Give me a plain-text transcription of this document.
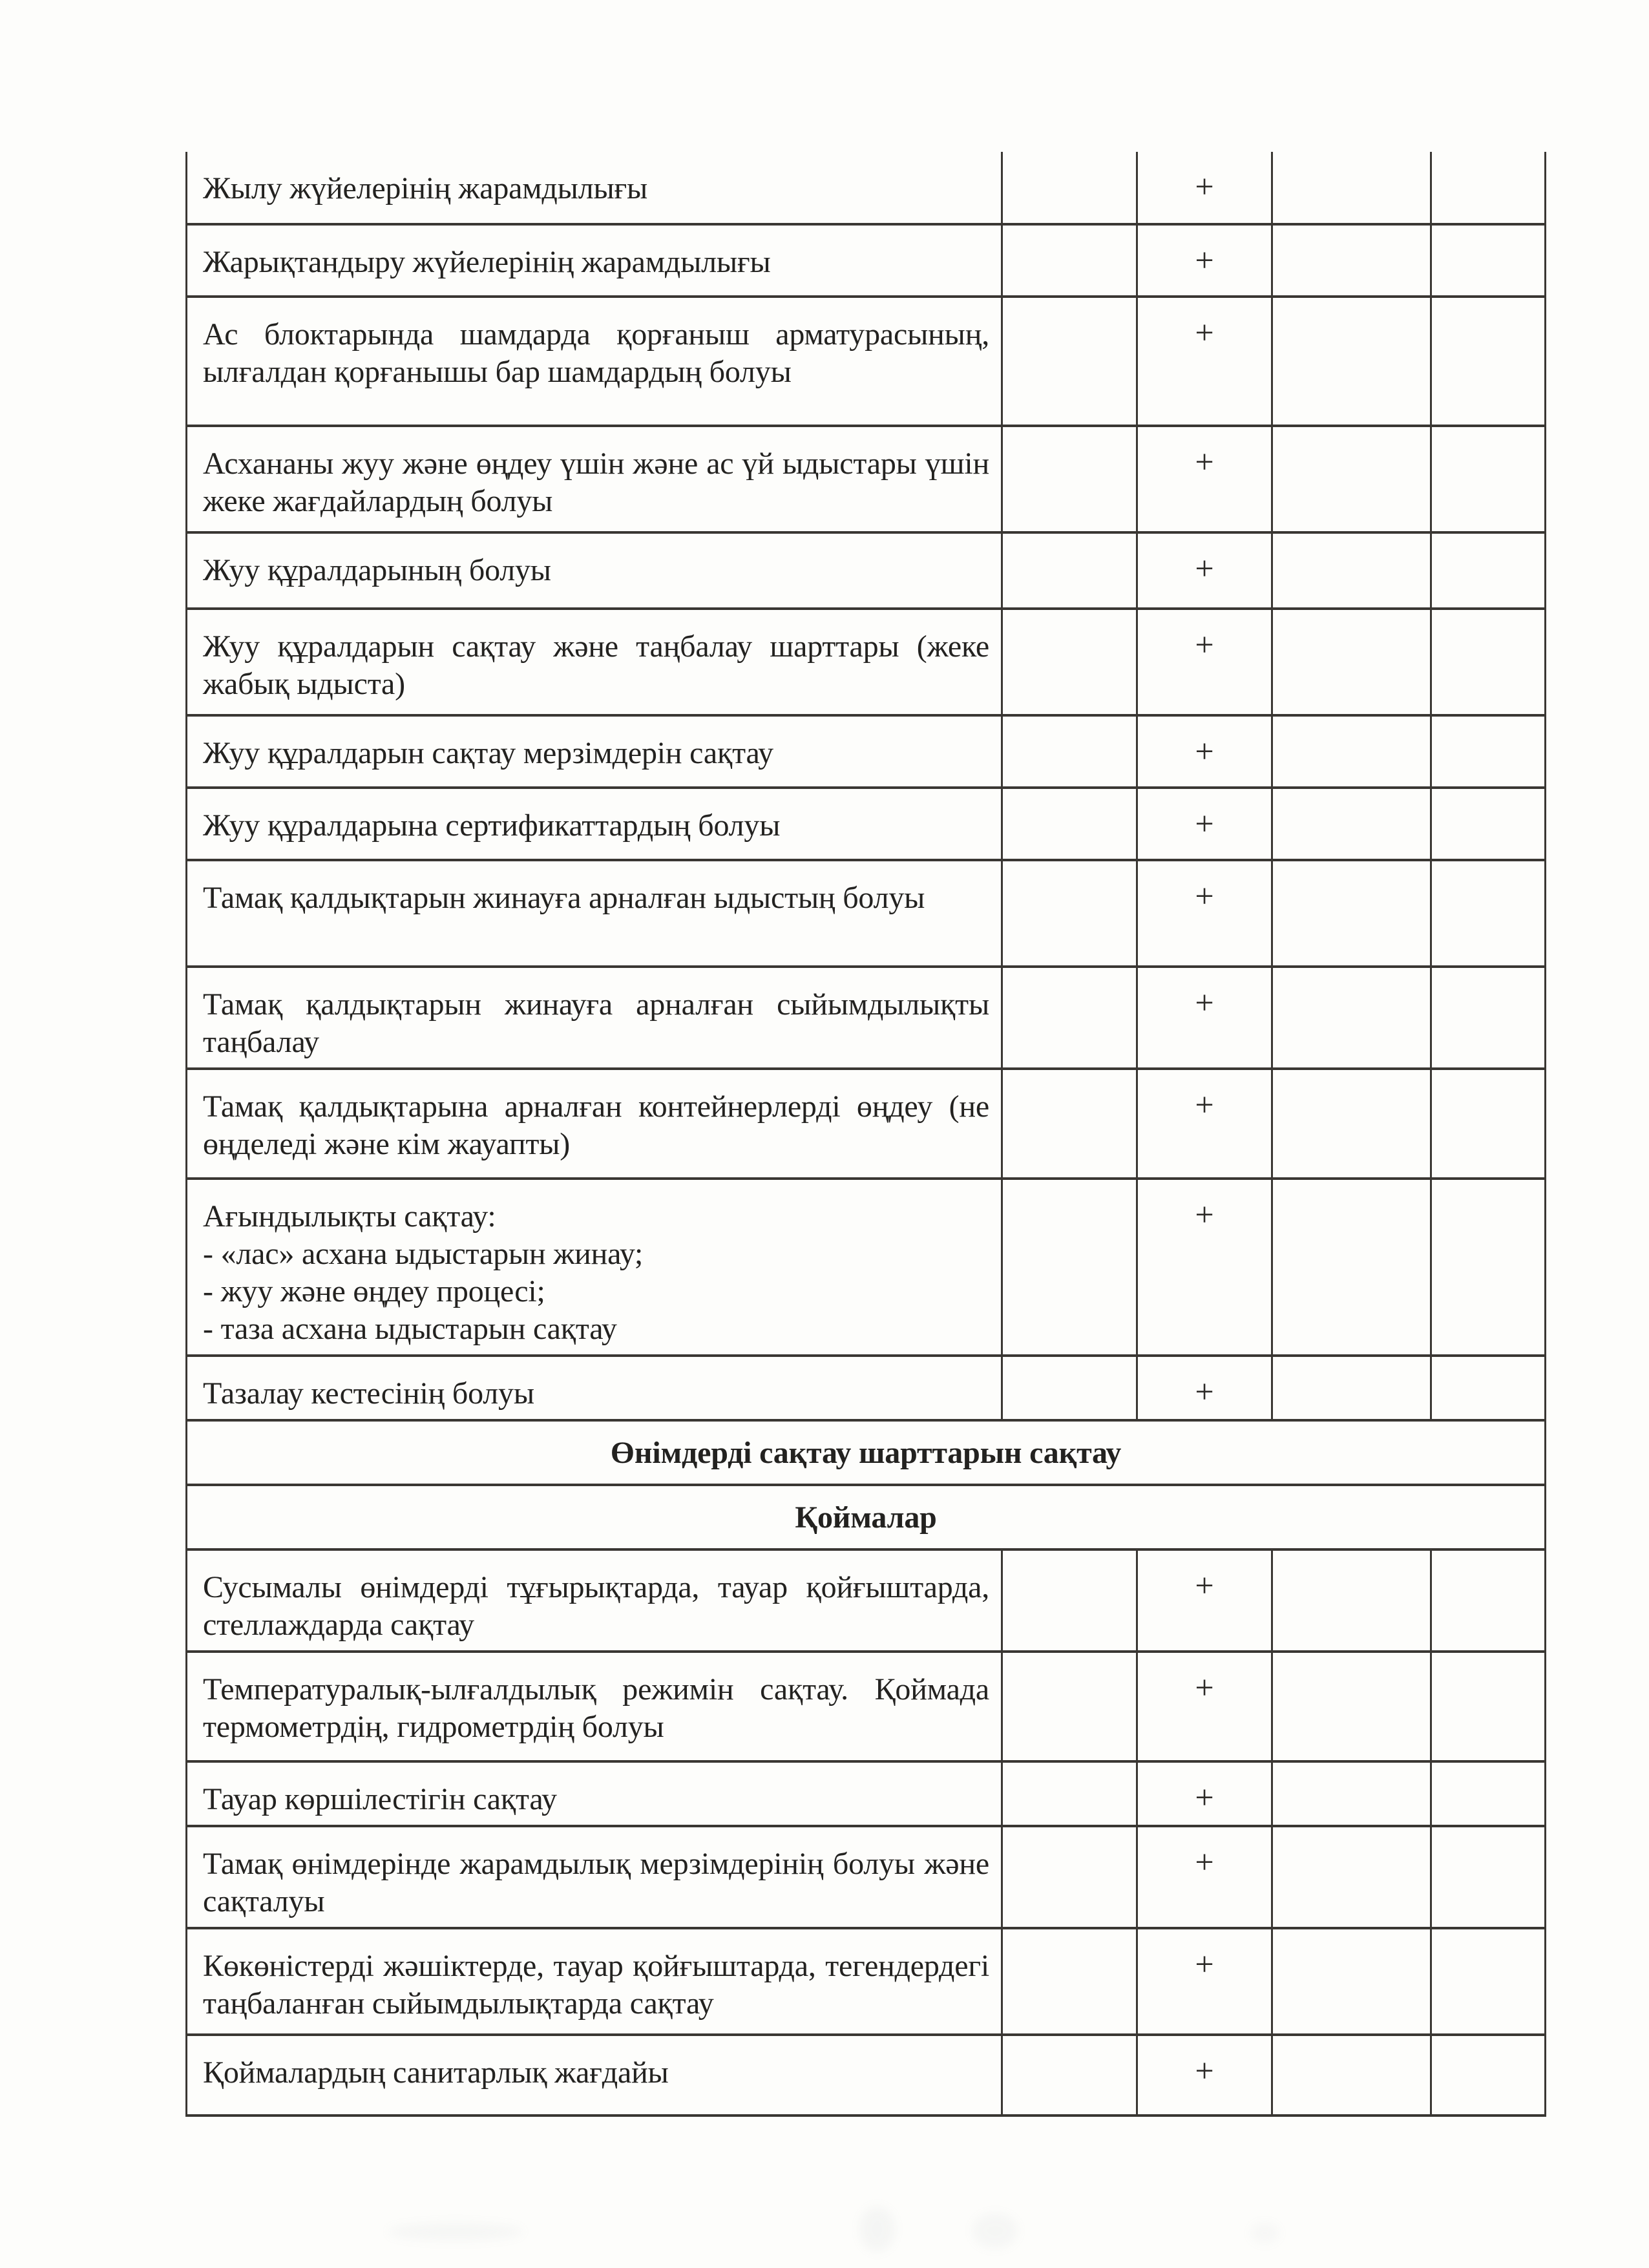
Жылу жүйелерінің жарамдылығы		+		

Жарықтандыру жүйелерінің жарамдылығы		+		

Ас блоктарында шамдарда қорғаныш арматурасының, ылғалдан қорғанышы бар шамдардың болуы		+		

Асхананы жуу және өңдеу үшін және ас үй ыдыстары үшін жеке жағдайлардың болуы		+		

Жуу құралдарының болуы		+		

Жуу құралдарын сақтау және таңбалау шарттары (жеке жабық ыдыста)		+		

Жуу құралдарын сақтау мерзімдерін сақтау		+		

Жуу құралдарына сертификаттардың болуы		+		

Тамақ қалдықтарын жинауға арналған ыдыстың болуы		+		

Тамақ қалдықтарын жинауға арналған сыйымдылықты таңбалау		+		

Тамақ қалдықтарына арналған контейнерлерді өңдеу (не өңделеді және кім жауапты)		+		

Ағындылықты сақтау:
- «лас» асхана ыдыстарын жинау;
- жуу және өңдеу процесі;
- таза асхана ыдыстарын сақтау		+		

Тазалау кестесінің болуы		+		
Өнімдерді сақтау шарттарын сақтау				
Қоймалар				

Сусымалы өнімдерді тұғырықтарда, тауар қойғыштарда, стеллаждарда сақтау		+		

Температуралық-ылғалдылық режимін сақтау. Қоймада термометрдің, гидрометрдің болуы		+		

Тауар көршілестігін сақтау		+		

Тамақ өнімдерінде жарамдылық мерзімдерінің болуы және сақталуы		+		

Көкөністерді жәшіктерде, тауар қойғыштарда, тегендердегі таңбаланған сыйымдылықтарда сақтау		+		

Қоймалардың санитарлық жағдайы		+		
